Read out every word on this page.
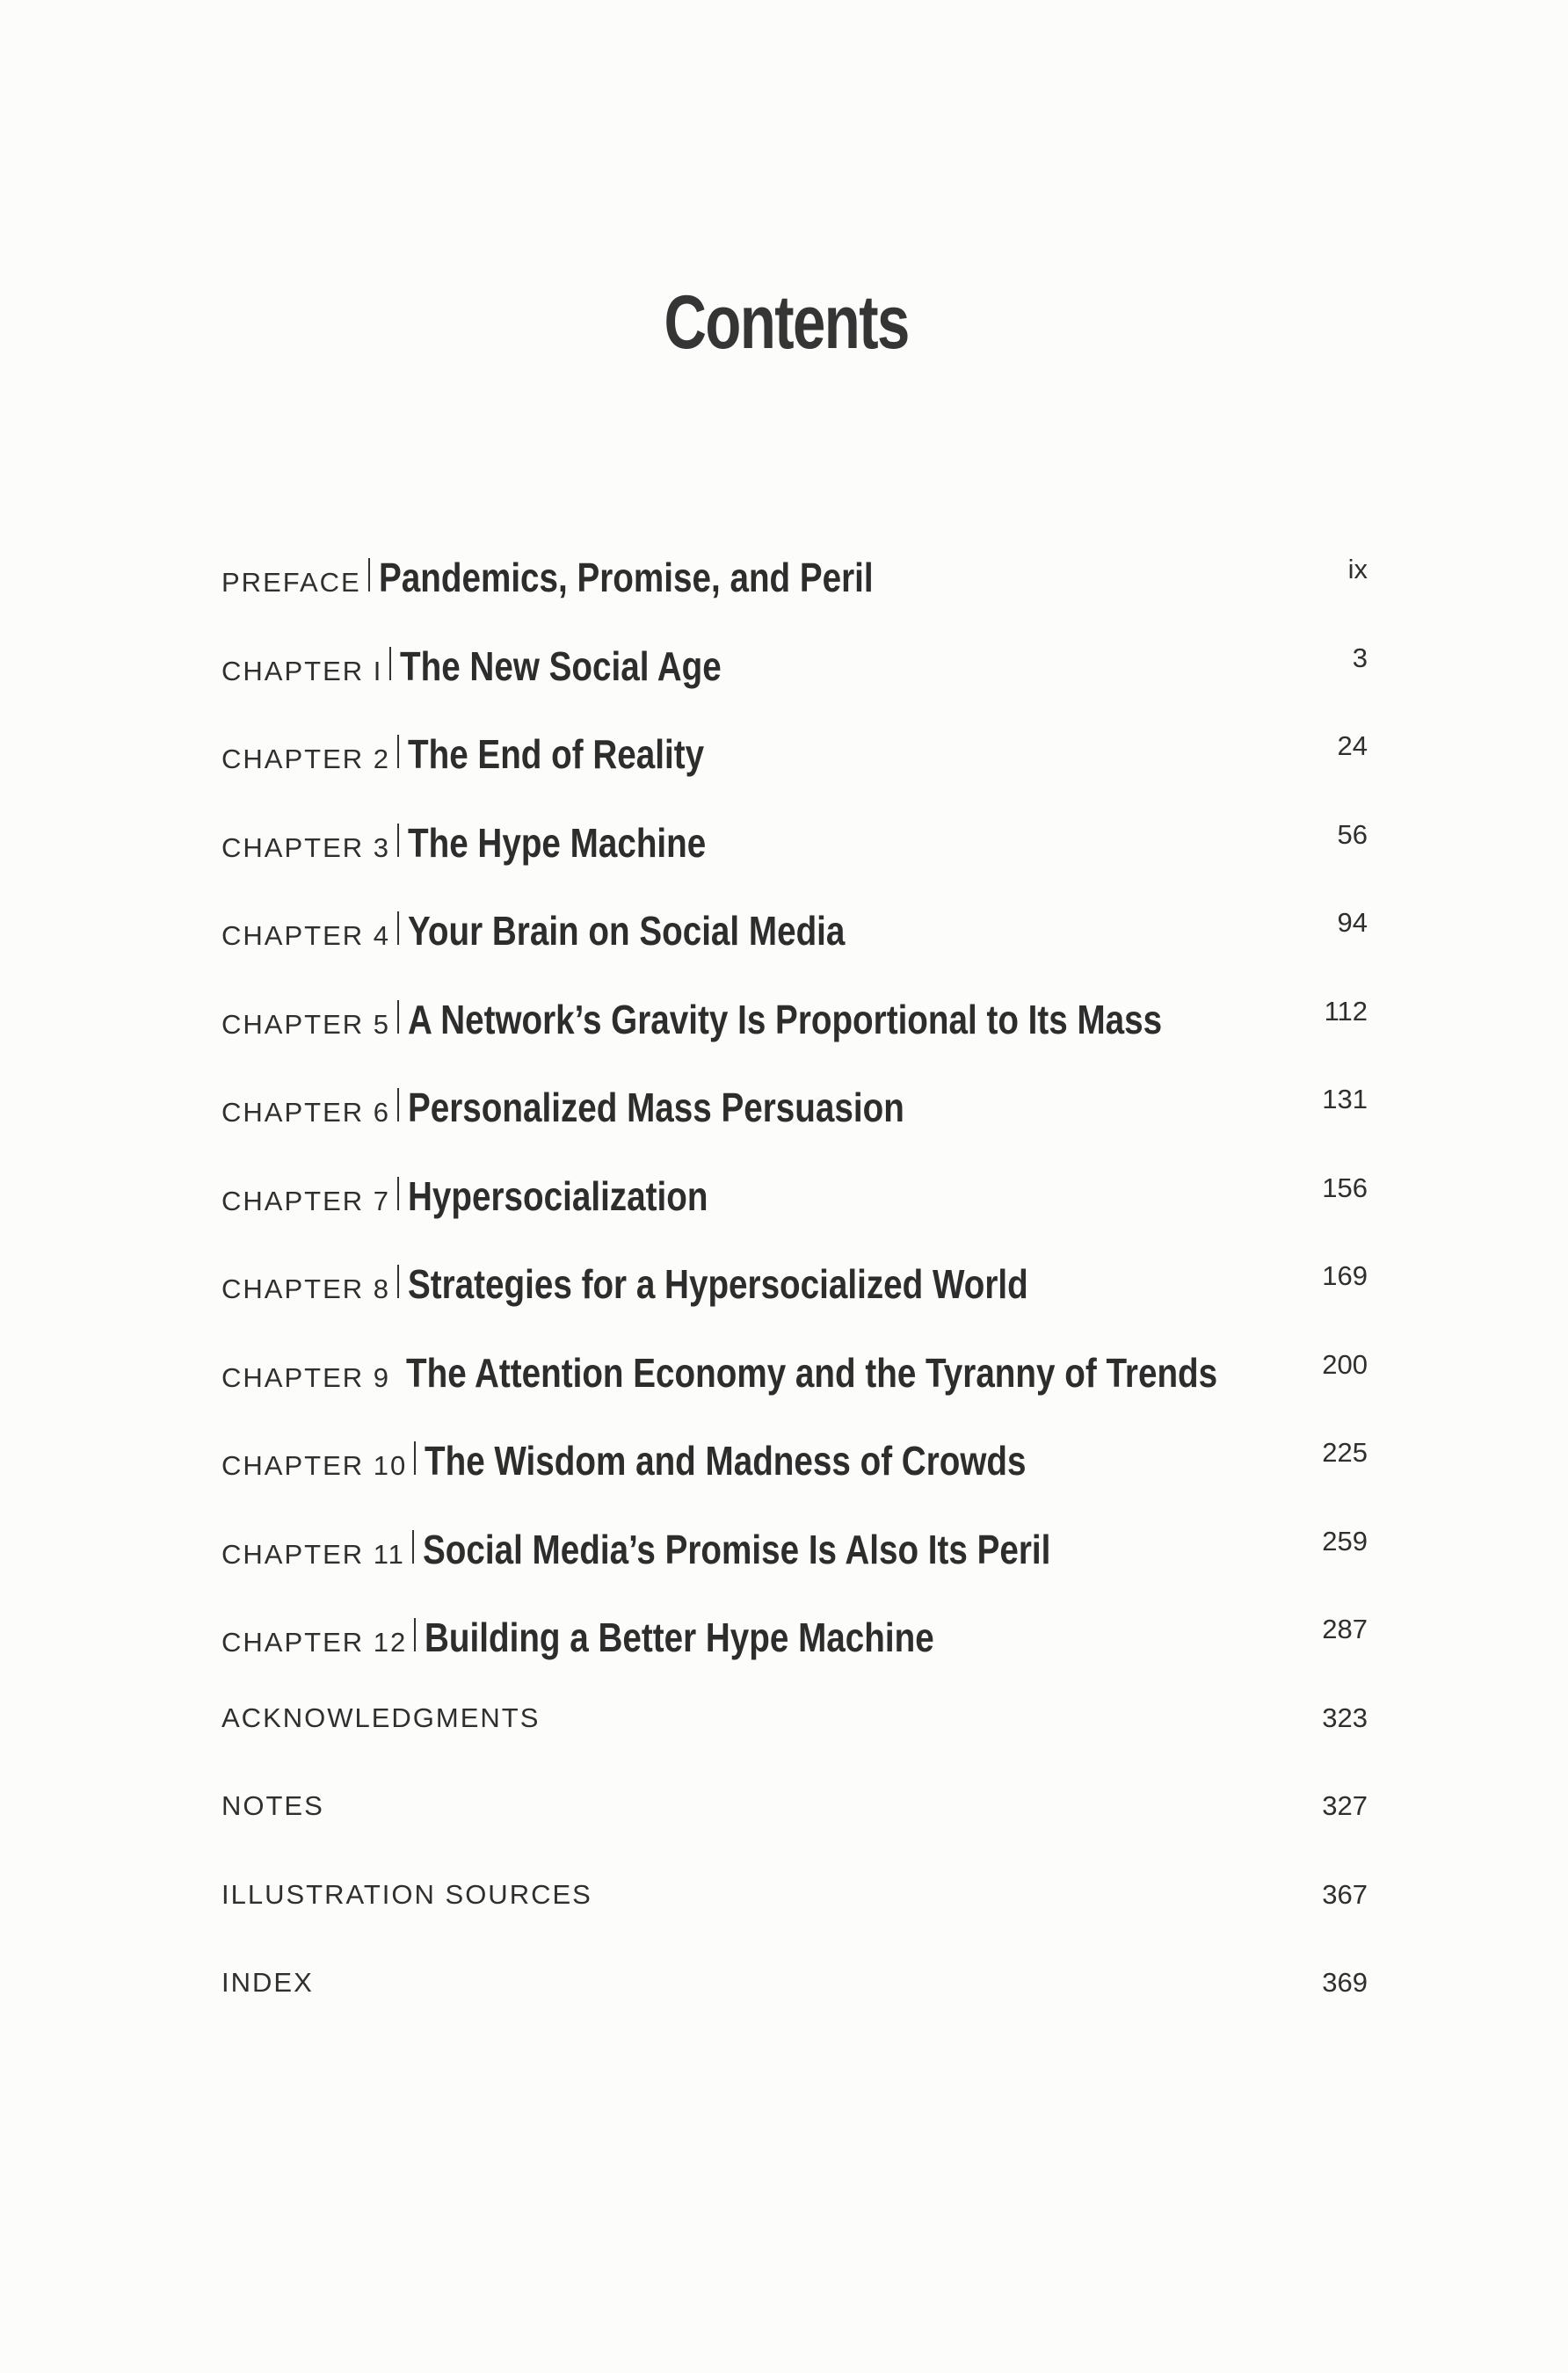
Contents
PREFACE Pandemics, Promise, and Peril	ix
CHAPTER I The New Social Age	3
CHAPTER 2 The End of Reality	24
CHAPTER 3 The Hype Machine	56
CHAPTER 4 Your Brain on Social Media	94
CHAPTER 5 A Network’s Gravity Is Proportional to Its Mass	112
CHAPTER 6 Personalized Mass Persuasion	131
CHAPTER 7 Hypersocialization	156
CHAPTER 8 Strategies for a Hypersocialized World	169
CHAPTER 9 The Attention Economy and the Tyranny of Trends	200
CHAPTER 10 The Wisdom and Madness of Crowds	225
CHAPTER 11 Social Media’s Promise Is Also Its Peril	259
CHAPTER 12 Building a Better Hype Machine	287
ACKNOWLEDGMENTS	323
NOTES	327
ILLUSTRATION SOURCES	367
INDEX	369
